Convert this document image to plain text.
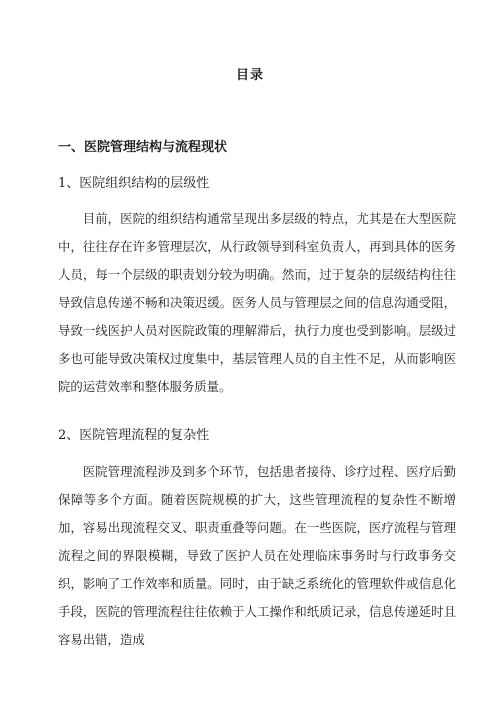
目录
一、医院管理结构与流程现状
1、医院组织结构的层级性

目前，医院的组织结构通常呈现出多层级的特点，尤其是在大型医院中，往往存在许多管理层次，从行政领导到科室负责人，再到具体的医务人员，每一个层级的职责划分较为明确。然而，过于复杂的层级结构往往导致信息传递不畅和决策迟缓。医务人员与管理层之间的信息沟通受阻，导致一线医护人员对医院政策的理解滞后，执行力度也受到影响。层级过多也可能导致决策权过度集中，基层管理人员的自主性不足，从而影响医院的运营效率和整体服务质量。

2、医院管理流程的复杂性

医院管理流程涉及到多个环节，包括患者接待、诊疗过程、医疗后勤保障等多个方面。随着医院规模的扩大，这些管理流程的复杂性不断增加，容易出现流程交叉、职责重叠等问题。在一些医院，医疗流程与管理流程之间的界限模糊，导致了医护人员在处理临床事务时与行政事务交织，影响了工作效率和质量。同时，由于缺乏系统化的管理软件或信息化手段，医院的管理流程往往依赖于人工操作和纸质记录，信息传递延时且容易出错，造成
